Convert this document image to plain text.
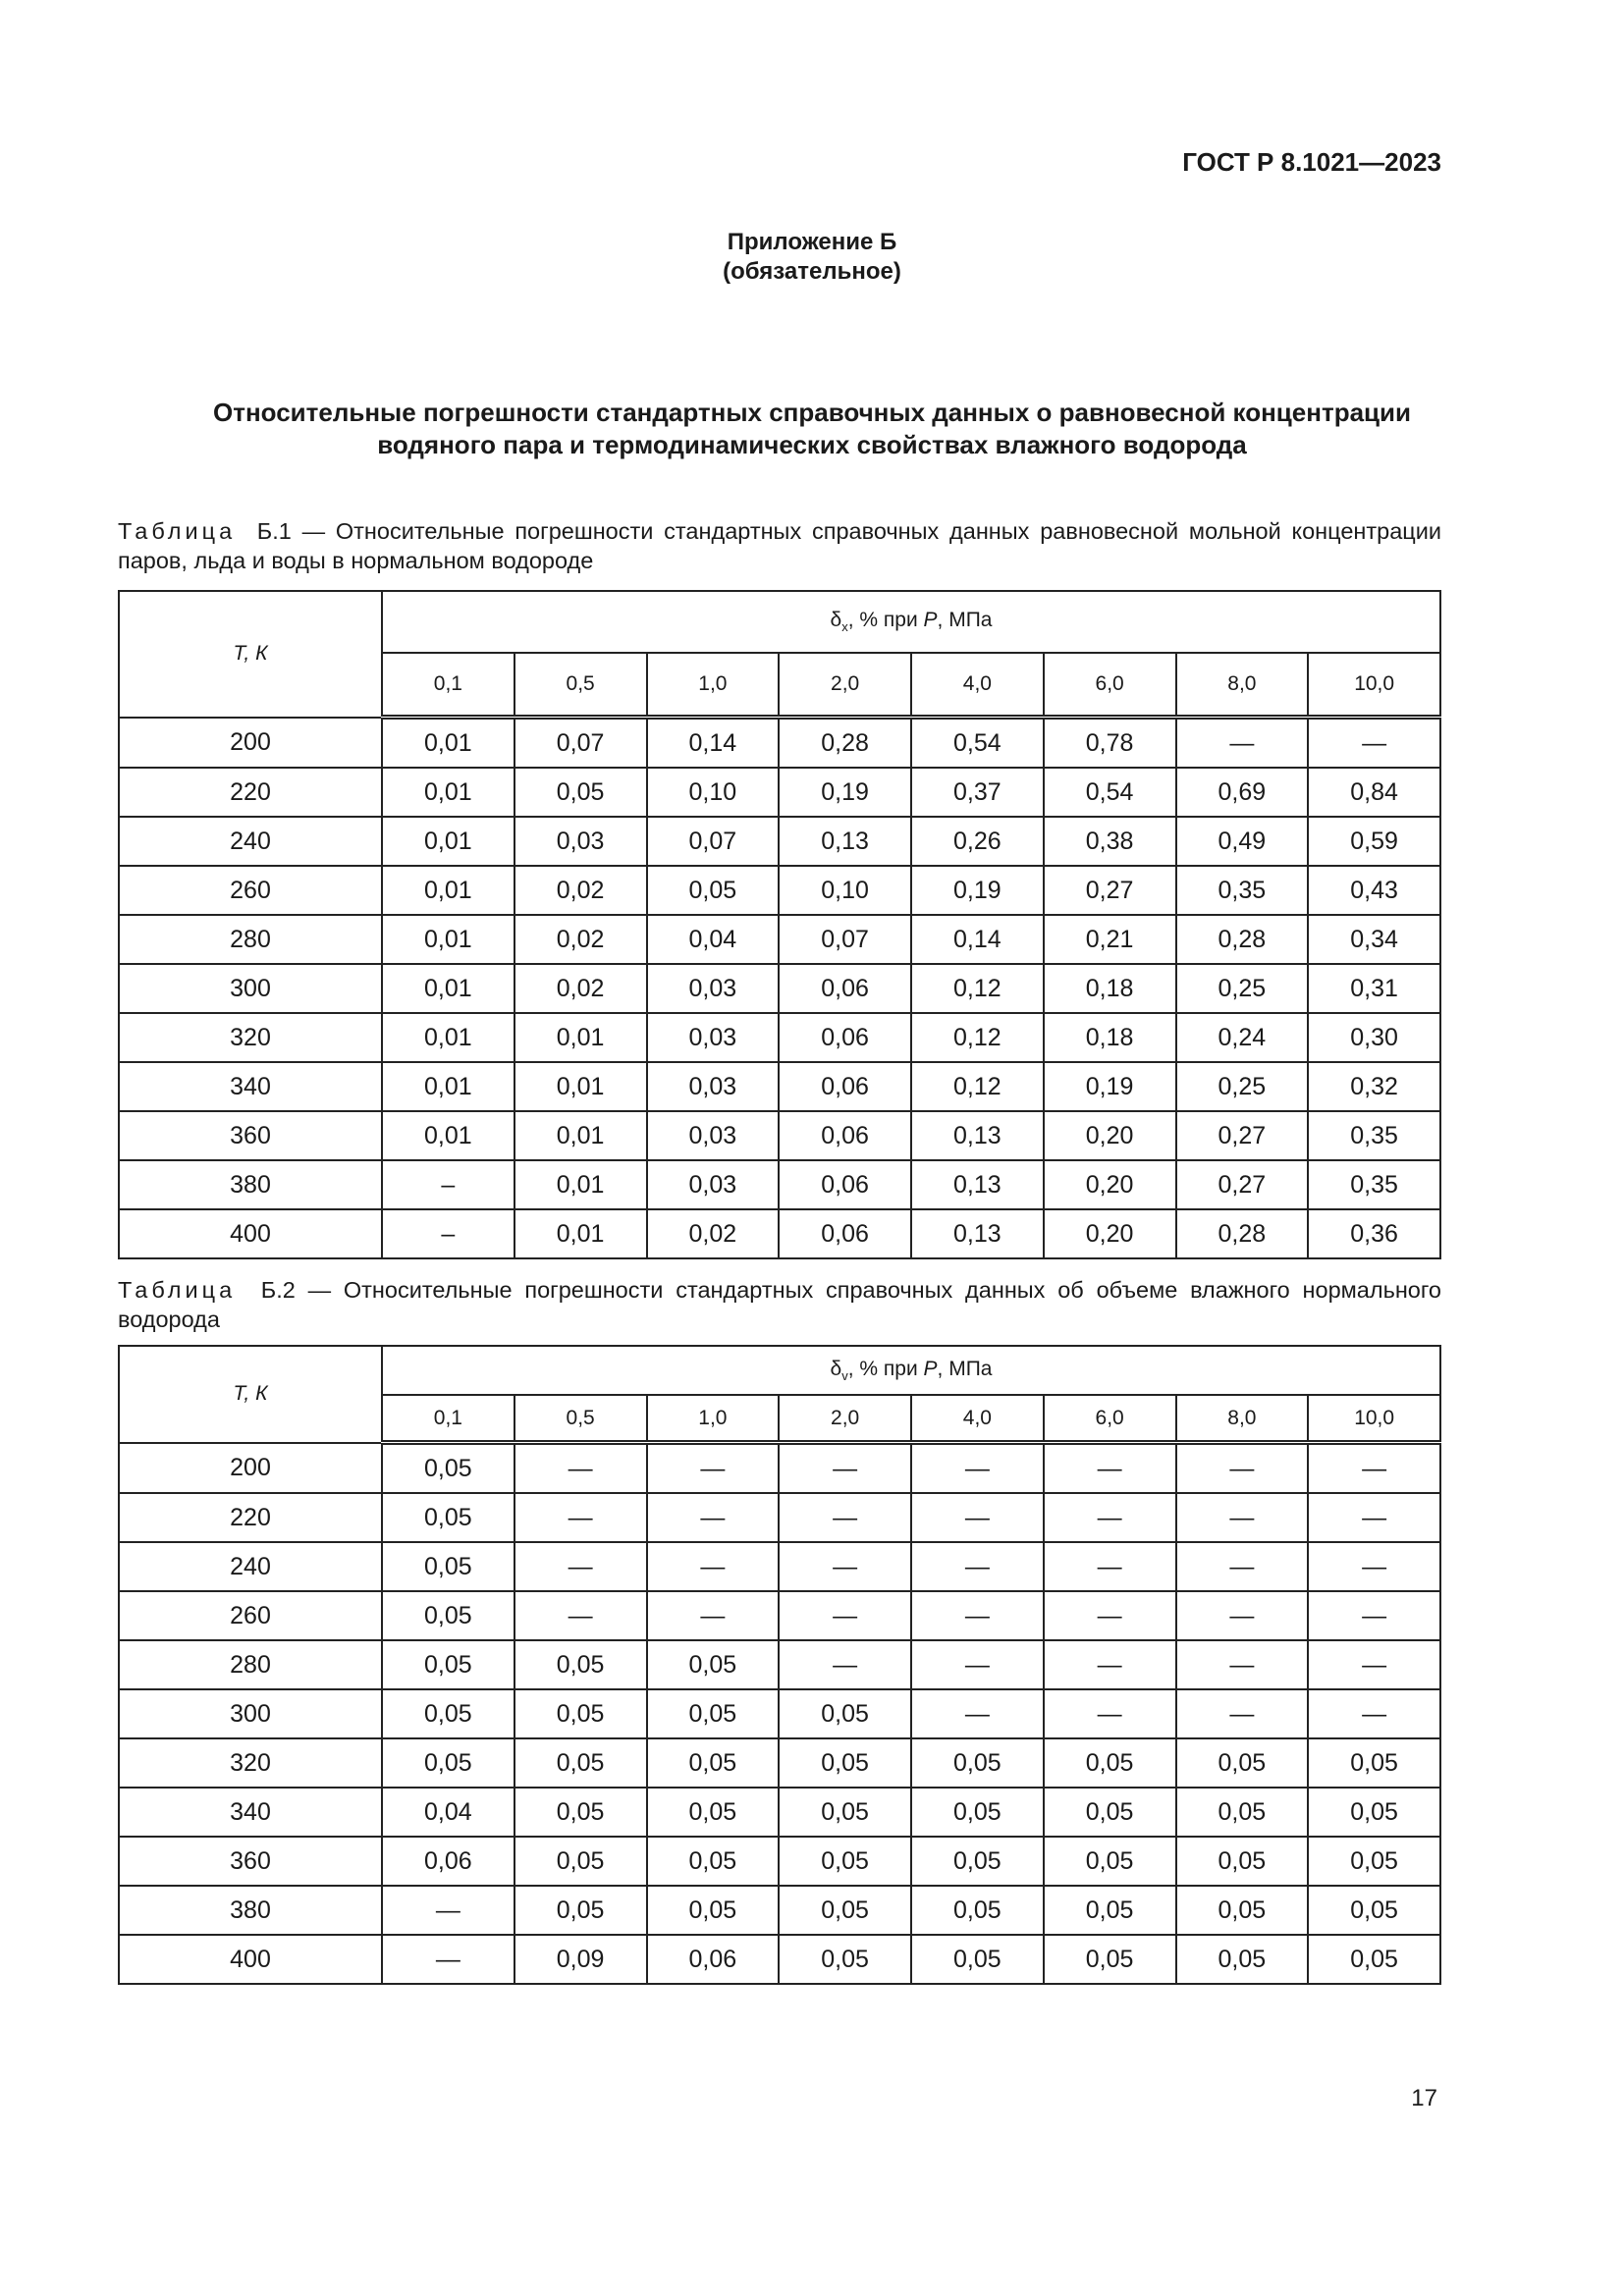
ГОСТ Р 8.1021—2023
Приложение Б
(обязательное)
Относительные погрешности стандартных справочных данных о равновесной концентрации
водяного пара и термодинамических свойствах влажного водорода
Таблица Б.1 — Относительные погрешности стандартных справочных данных равновесной мольной концентрации паров, льда и воды в нормальном водороде
T, К	$\delta_x$, % при P, МПа							
	0,1	0,5	1,0	2,0	4,0	6,0	8,0	10,0
200	0,01	0,07	0,14	0,28	0,54	0,78	—	—
220	0,01	0,05	0,10	0,19	0,37	0,54	0,69	0,84
240	0,01	0,03	0,07	0,13	0,26	0,38	0,49	0,59
260	0,01	0,02	0,05	0,10	0,19	0,27	0,35	0,43
280	0,01	0,02	0,04	0,07	0,14	0,21	0,28	0,34
300	0,01	0,02	0,03	0,06	0,12	0,18	0,25	0,31
320	0,01	0,01	0,03	0,06	0,12	0,18	0,24	0,30
340	0,01	0,01	0,03	0,06	0,12	0,19	0,25	0,32
360	0,01	0,01	0,03	0,06	0,13	0,20	0,27	0,35
380	–	0,01	0,03	0,06	0,13	0,20	0,27	0,35
400	–	0,01	0,02	0,06	0,13	0,20	0,28	0,36
Таблица Б.2 — Относительные погрешности стандартных справочных данных об объеме влажного нормального водорода
T, К	$\delta_v$, % при P, МПа							
	0,1	0,5	1,0	2,0	4,0	6,0	8,0	10,0
200	0,05	—	—	—	—	—	—	—
220	0,05	—	—	—	—	—	—	—
240	0,05	—	—	—	—	—	—	—
260	0,05	—	—	—	—	—	—	—
280	0,05	0,05	0,05	—	—	—	—	—
300	0,05	0,05	0,05	0,05	—	—	—	—
320	0,05	0,05	0,05	0,05	0,05	0,05	0,05	0,05
340	0,04	0,05	0,05	0,05	0,05	0,05	0,05	0,05
360	0,06	0,05	0,05	0,05	0,05	0,05	0,05	0,05
380	—	0,05	0,05	0,05	0,05	0,05	0,05	0,05
400	—	0,09	0,06	0,05	0,05	0,05	0,05	0,05
17
